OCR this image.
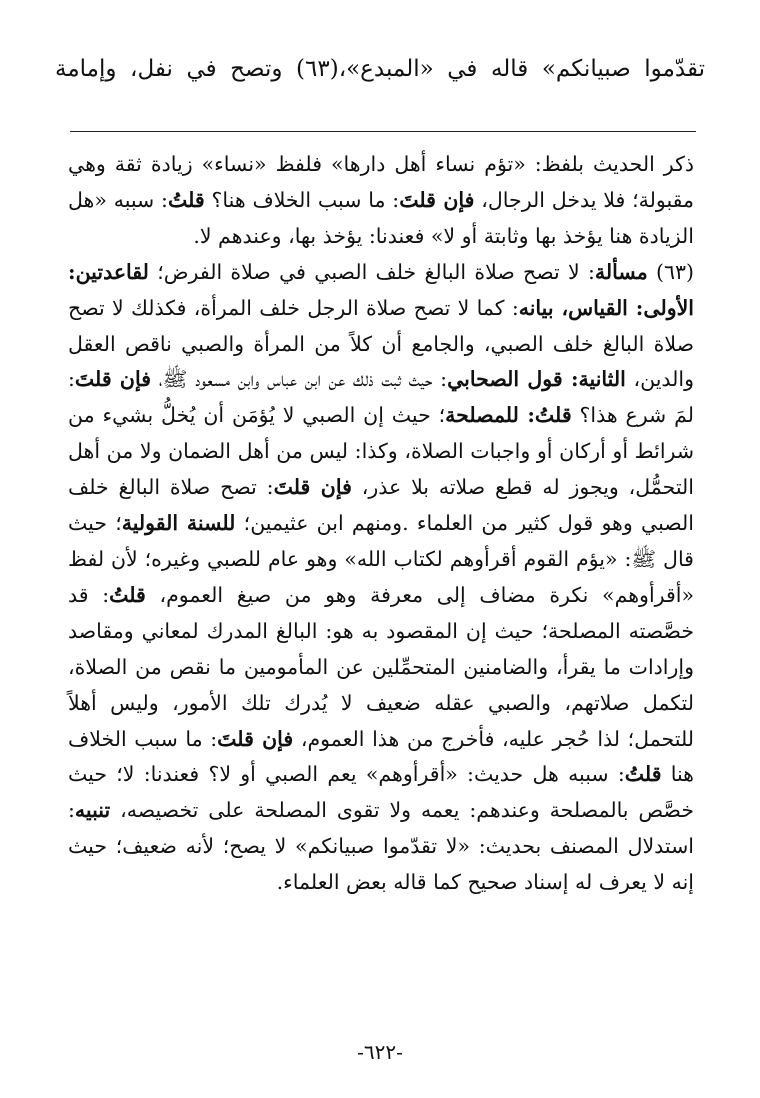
تقدّموا صبيانكم» قاله في «المبدع»،(٦٣) وتصح في نفل، وإمامة

ذكر الحديث بلفظ: «تؤم نساء أهل دارها» فلفظ «نساء» زيادة ثقة وهي مقبولة؛ فلا يدخل الرجال، فإن قلتَ: ما سبب الخلاف هنا؟ قلتُ: سببه «هل الزيادة هنا يؤخذ بها وثابتة أو لا» فعندنا: يؤخذ بها، وعندهم لا.

(٦٣) مسألة: لا تصح صلاة البالغ خلف الصبي في صلاة الفرض؛ لقاعدتين: الأولى: القياس، بيانه: كما لا تصح صلاة الرجل خلف المرأة، فكذلك لا تصح صلاة البالغ خلف الصبي، والجامع أن كلاً من المرأة والصبي ناقص العقل والدين، الثانية: قول الصحابي: حيث ثبت ذلك عن ابن عباس وابن مسعود ﷺ، فإن قلتَ: لمَ شرع هذا؟ قلتُ: للمصلحة؛ حيث إن الصبي لا يُؤمَن أن يُخلُّ بشيء من شرائط أو أركان أو واجبات الصلاة، وكذا: ليس من أهل الضمان ولا من أهل التحمُّل، ويجوز له قطع صلاته بلا عذر، فإن قلتَ: تصح صلاة البالغ خلف الصبي وهو قول كثير من العلماء .ومنهم ابن عثيمين؛ للسنة القولية؛ حيث قال ﷺ: «يؤم القوم أقرأوهم لكتاب الله» وهو عام للصبي وغيره؛ لأن لفظ «أقرأوهم» نكرة مضاف إلى معرفة وهو من صيغ العموم، قلتُ: قد خصَّصته المصلحة؛ حيث إن المقصود به هو: البالغ المدرك لمعاني ومقاصد وإرادات ما يقرأ، والضامنين المتحمِّلين عن المأمومين ما نقص من الصلاة، لتكمل صلاتهم، والصبي عقله ضعيف لا يُدرك تلك الأمور، وليس أهلاً للتحمل؛ لذا حُجر عليه، فأخرج من هذا العموم، فإن قلتَ: ما سبب الخلاف هنا قلتُ: سببه هل حديث: «أقرأوهم» يعم الصبي أو لا؟ فعندنا: لا؛ حيث خصَّص بالمصلحة وعندهم: يعمه ولا تقوى المصلحة على تخصيصه، تنبيه: استدلال المصنف بحديث: «لا تقدّموا صبيانكم» لا يصح؛ لأنه ضعيف؛ حيث إنه لا يعرف له إسناد صحيح كما قاله بعض العلماء.

-٦٢٢-
